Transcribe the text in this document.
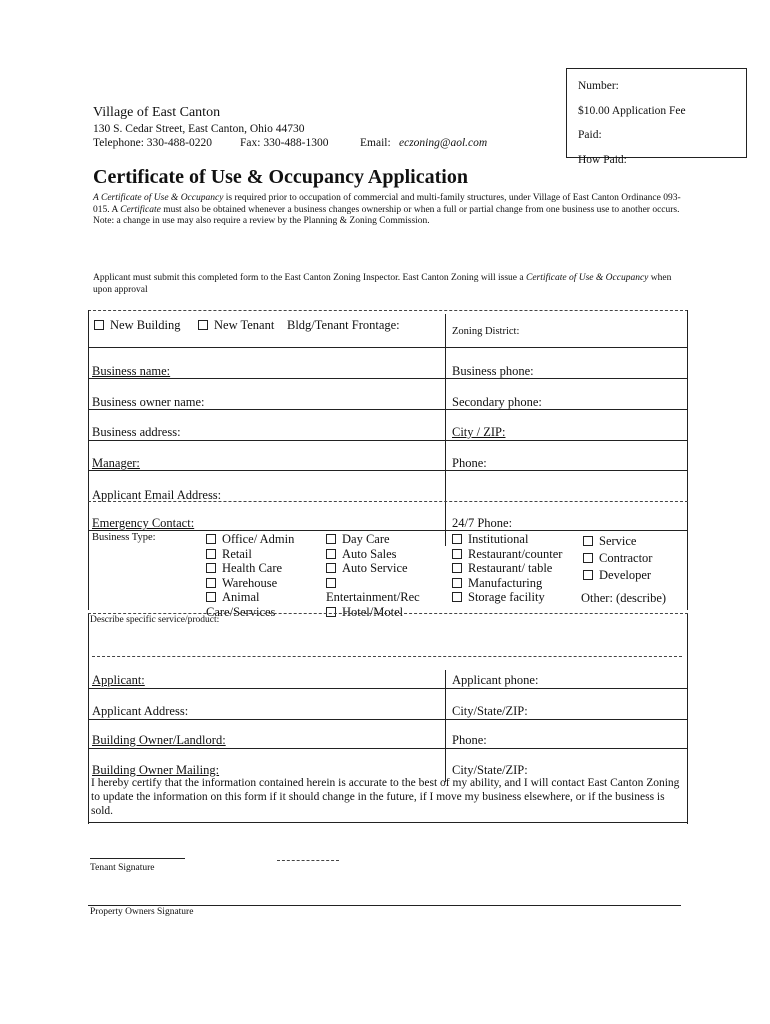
Number:
$10.00 Application Fee
Paid:
How Paid:
Village of East Canton
130 S. Cedar Street, East Canton, Ohio 44730
Telephone: 330-488-0220 Fax: 330-488-1300	Email: eczoning@aol.com
Certificate of Use & Occupancy Application
A Certificate of Use & Occupancy is required prior to occupation of commercial and multi-family structures, under Village of East Canton Ordinance 093-015. A Certificate must also be obtained whenever a business changes ownership or when a full or partial change from one business use to another occurs. Note: a change in use may also require a review by the Planning & Zoning Commission.
Applicant must submit this completed form to the East Canton Zoning Inspector. East Canton Zoning will issue a Certificate of Use & Occupancy when upon approval
New Building	New Tenant Bldg/Tenant Frontage:	Zoning District:
Business name:	Business phone:
Business owner name:	Secondary phone:
Business address:	City / ZIP:
Manager:	Phone:
Applicant Email Address:
Emergency Contact:	24/7 Phone:
Business Type:	Office/ Admin
Retail
Health Care
Warehouse
Animal
Care/Services
Day Care
Auto Sales
Auto Service
Entertainment/Rec
Hotel/Motel
Institutional
Restaurant/counter
Restaurant/ table
Manufacturing
Storage facility
Service
Contractor
Developer
Other: (describe)
Describe specific service/product:
Applicant:	Applicant phone:
Applicant Address:	City/State/ZIP:
Building Owner/Landlord:	Phone:
Building Owner Mailing:	City/State/ZIP:
I hereby certify that the information contained herein is accurate to the best of my ability, and I will contact East Canton Zoning to update the information on this form if it should change in the future, if I move my business elsewhere, or if the business is sold.
Tenant Signature
Property Owners Signature
